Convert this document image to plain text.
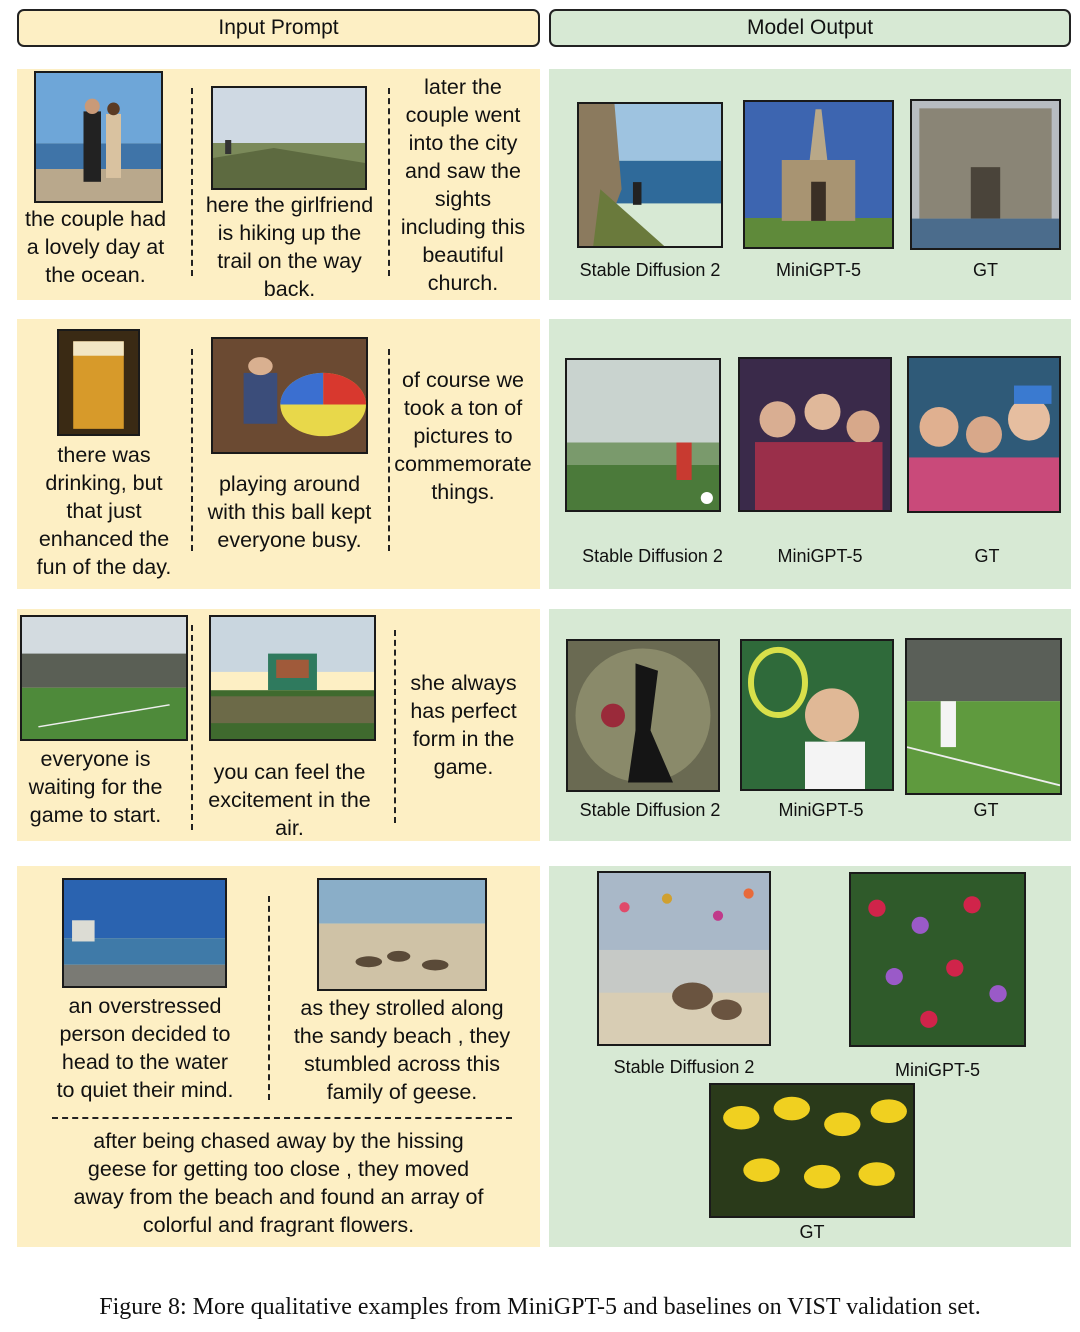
Input Prompt	Model Output
the couple had
a lovely day at
the ocean.
here the girlfriend
is hiking up the
trail on the way
back.
later the
couple went
into the city
and saw the
sights
including this
beautiful
church.
Stable Diffusion 2	MiniGPT-5	GT
there was
drinking, but
that just
enhanced the
fun of the day.
playing around
with this ball kept
everyone busy.
of course we
took a ton of
pictures to
commemorate
things.
Stable Diffusion 2	MiniGPT-5	GT
everyone is
waiting for the
game to start.
you can feel the
excitement in the
air.
she always
has perfect
form in the
game.
Stable Diffusion 2	MiniGPT-5	GT
an overstressed
person decided to
head to the water
to quiet their mind.
as they strolled along
the sandy beach , they
stumbled across this
family of geese.
after being chased away by the hissing
geese for getting too close , they moved
away from the beach and found an array of
colorful and fragrant flowers.
Stable Diffusion 2	MiniGPT-5
GT
Figure 8: More qualitative examples from MiniGPT-5 and baselines on VIST validation set.
